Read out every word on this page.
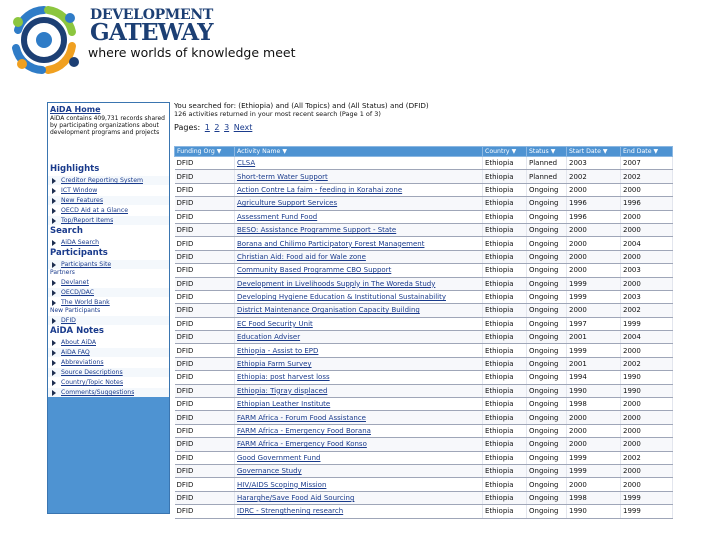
DEVELOPMENT
GATEWAY
where worlds of knowledge meet
AiDA Home
AiDA contains 409,731 records shared by participating organizations about development programs and projects
Highlights
Creditor Reporting System
ICT Window
New Features
OECD Aid at a Glance
Top/Report Items
Search
AiDA Search
Participants
Participants Site
Partners
Devlanet
OECD/DAC
The World Bank
New Participants
DFID
AiDA Notes
About AiDA
AiDA FAQ
Abbreviations
Source Descriptions
Country/Topic Notes
Comments/Suggestions
You searched for: (Ethiopia) and (All Topics) and (All Status) and (DFID)
126 activities returned in your most recent search (Page 1 of 3)
Pages: 1 2 3 Next
Funding Org ▼	Activity Name ▼	Country ▼	Status ▼	Start Date ▼	End Date ▼
DFID	CLSA	Ethiopia	Planned	2003	2007
DFID	Short-term Water Support	Ethiopia	Planned	2002	2002
DFID	Action Contre La faim - feeding in Korahai zone	Ethiopia	Ongoing	2000	2000
DFID	Agriculture Support Services	Ethiopia	Ongoing	1996	1996
DFID	Assessment Fund Food	Ethiopia	Ongoing	1996	2000
DFID	BESO: Assistance Programme Support - State	Ethiopia	Ongoing	2000	2000
DFID	Borana and Chilimo Participatory Forest Management	Ethiopia	Ongoing	2000	2004
DFID	Christian Aid: Food aid for Wale zone	Ethiopia	Ongoing	2000	2000
DFID	Community Based Programme CBO Support	Ethiopia	Ongoing	2000	2003
DFID	Development in Livelihoods Supply in The Woreda Study	Ethiopia	Ongoing	1999	2000
DFID	Developing Hygiene Education & Institutional Sustainability	Ethiopia	Ongoing	1999	2003
DFID	District Maintenance Organisation Capacity Building	Ethiopia	Ongoing	2000	2002
DFID	EC Food Security Unit	Ethiopia	Ongoing	1997	1999
DFID	Education Adviser	Ethiopia	Ongoing	2001	2004
DFID	Ethiopia - Assist to EPD	Ethiopia	Ongoing	1999	2000
DFID	Ethiopia Farm Survey	Ethiopia	Ongoing	2001	2002
DFID	Ethiopia: post harvest loss	Ethiopia	Ongoing	1994	1990
DFID	Ethiopia: Tigray displaced	Ethiopia	Ongoing	1990	1990
DFID	Ethiopian Leather Institute	Ethiopia	Ongoing	1998	2000
DFID	FARM Africa - Forum Food Assistance	Ethiopia	Ongoing	2000	2000
DFID	FARM Africa - Emergency Food Borana	Ethiopia	Ongoing	2000	2000
DFID	FARM Africa - Emergency Food Konso	Ethiopia	Ongoing	2000	2000
DFID	Good Government Fund	Ethiopia	Ongoing	1999	2002
DFID	Governance Study	Ethiopia	Ongoing	1999	2000
DFID	HIV/AIDS Scoping Mission	Ethiopia	Ongoing	2000	2000
DFID	Hararghe/Save Food Aid Sourcing	Ethiopia	Ongoing	1998	1999
DFID	IDRC - Strengthening research	Ethiopia	Ongoing	1990	1999
